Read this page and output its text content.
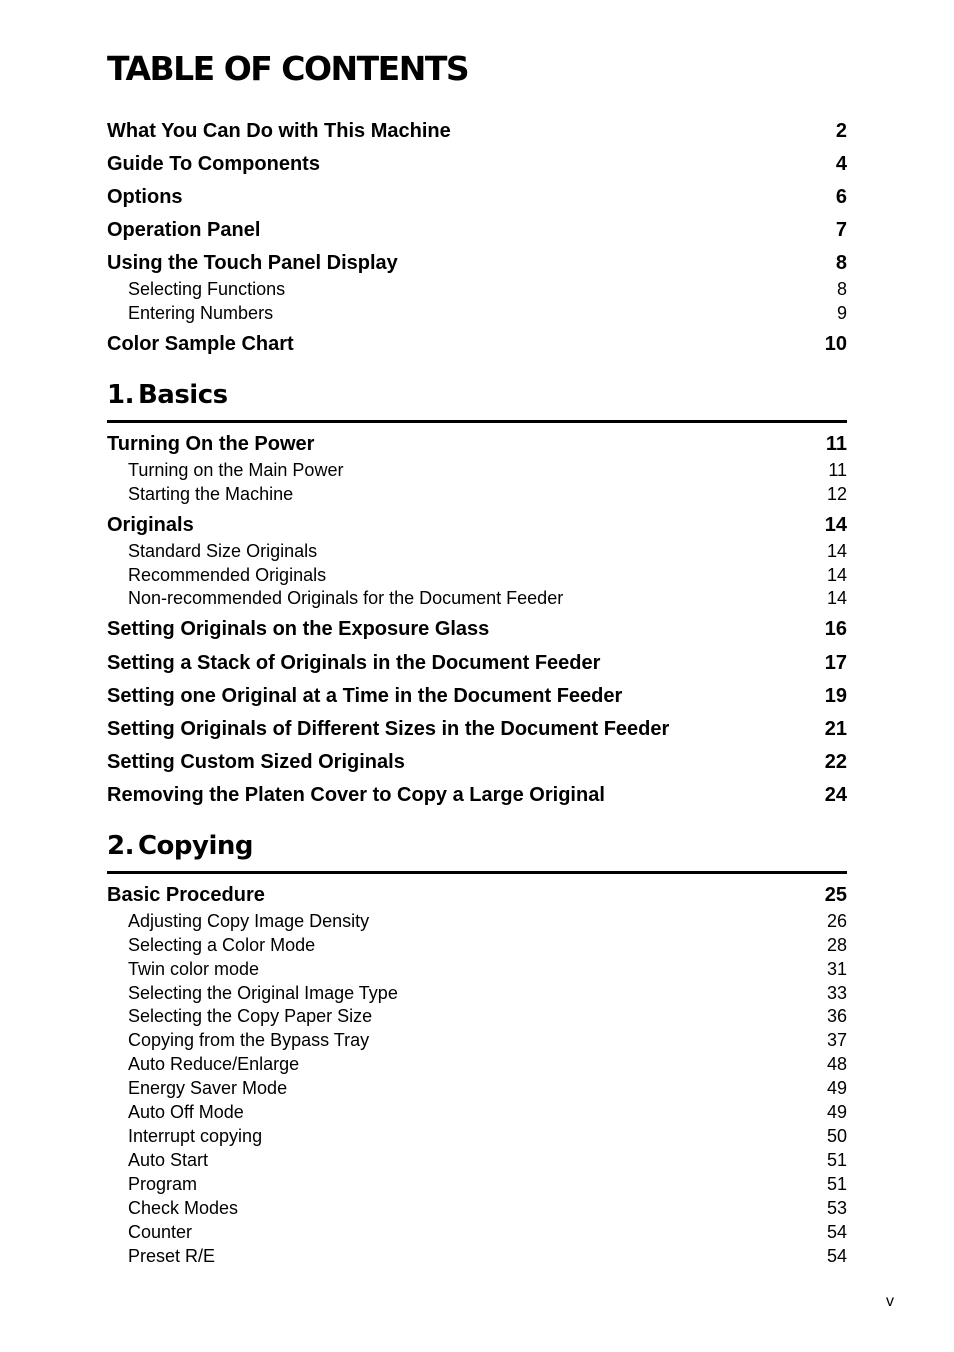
TABLE OF CONTENTS
What You Can Do with This Machine	2
Guide To Components	4
Options	6
Operation Panel	7
Using the Touch Panel Display	8
Selecting Functions	8
Entering Numbers	9
Color Sample Chart	10
1. Basics
Turning On the Power	11
Turning on the Main Power	11
Starting the Machine	12
Originals	14
Standard Size Originals	14
Recommended Originals	14
Non-recommended Originals for the Document Feeder	14
Setting Originals on the Exposure Glass	16
Setting a Stack of Originals in the Document Feeder	17
Setting one Original at a Time in the Document Feeder	19
Setting Originals of Different Sizes in the Document Feeder	21
Setting Custom Sized Originals	22
Removing the Platen Cover to Copy a Large Original	24
2. Copying
Basic Procedure	25
Adjusting Copy Image Density	26
Selecting a Color Mode	28
Twin color mode	31
Selecting the Original Image Type	33
Selecting the Copy Paper Size	36
Copying from the Bypass Tray	37
Auto Reduce/Enlarge	48
Energy Saver Mode	49
Auto Off Mode	49
Interrupt copying	50
Auto Start	51
Program	51
Check Modes	53
Counter	54
Preset R/E	54
v
